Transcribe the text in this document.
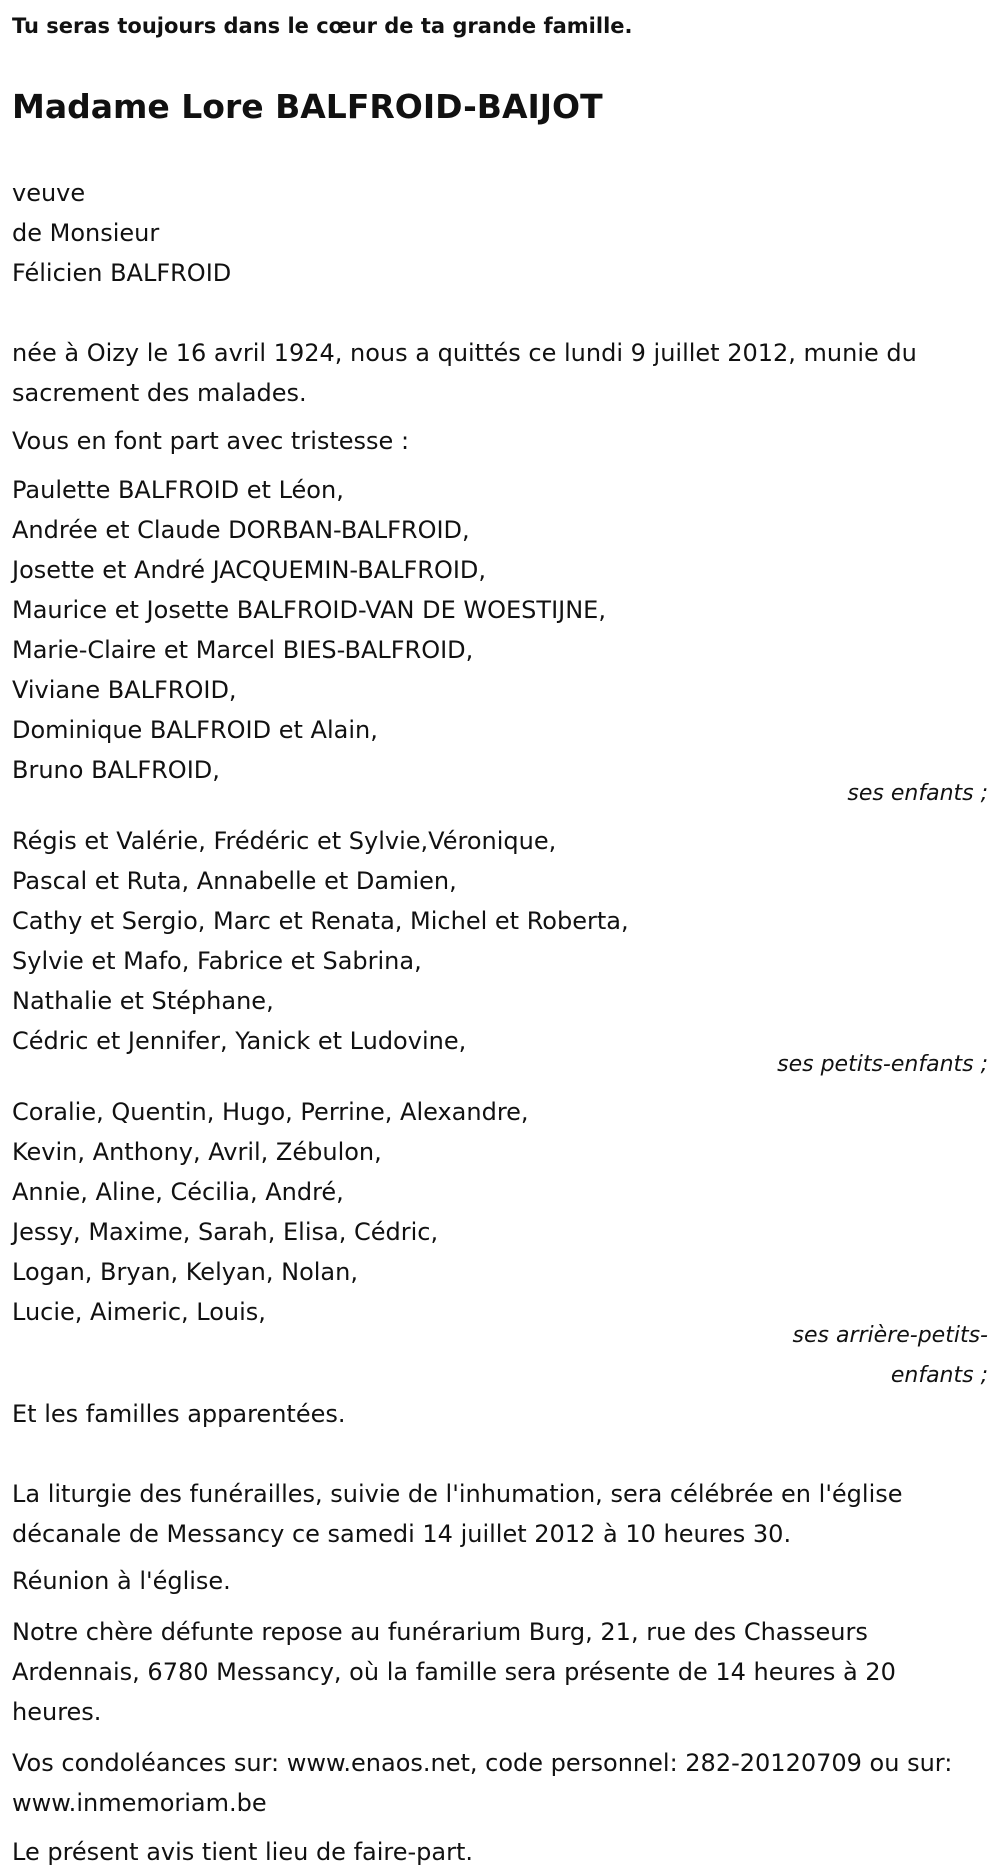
Tu seras toujours dans le cœur de ta grande famille.

Madame Lore BALFROID-BAIJOT
veuve
de Monsieur
Félicien BALFROID

née à Oizy le 16 avril 1924, nous a quittés ce lundi 9 juillet 2012, munie du sacrement des malades.

Vous en font part avec tristesse :

Paulette BALFROID et Léon,
Andrée et Claude DORBAN-BALFROID,
Josette et André JACQUEMIN-BALFROID,
Maurice et Josette BALFROID-VAN DE WOESTIJNE,
Marie-Claire et Marcel BIES-BALFROID,
Viviane BALFROID,
Dominique BALFROID et Alain,
Bruno BALFROID,
ses enfants ;
Régis et Valérie, Frédéric et Sylvie,Véronique,
Pascal et Ruta, Annabelle et Damien,
Cathy et Sergio, Marc et Renata, Michel et Roberta,
Sylvie et Mafo, Fabrice et Sabrina,
Nathalie et Stéphane,
Cédric et Jennifer, Yanick et Ludovine,
ses petits-enfants ;
Coralie, Quentin, Hugo, Perrine, Alexandre,
Kevin, Anthony, Avril, Zébulon,
Annie, Aline, Cécilia, André,
Jessy, Maxime, Sarah, Elisa, Cédric,
Logan, Bryan, Kelyan, Nolan,
Lucie, Aimeric, Louis,
ses arrière-petits-enfants ;

Et les familles apparentées.

La liturgie des funérailles, suivie de l'inhumation, sera célébrée en l'église décanale de Messancy ce samedi 14 juillet 2012 à 10 heures 30.

Réunion à l'église.

Notre chère défunte repose au funérarium Burg, 21, rue des Chasseurs Ardennais, 6780 Messancy, où la famille sera présente de 14 heures à 20 heures.

Vos condoléances sur: www.enaos.net, code personnel: 282-20120709 ou sur: www.inmemoriam.be

Le présent avis tient lieu de faire-part.
